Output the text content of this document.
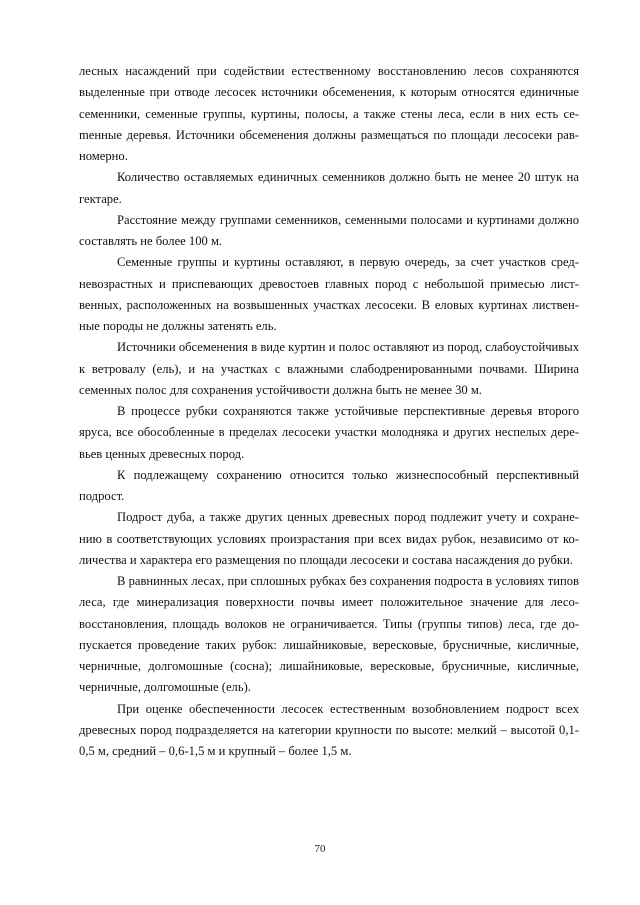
лесных насаждений при содействии естественному восстановлению лесов сохраняются выделенные при отводе лесосек источники обсеменения, к которым относятся единичные семенники, семенные группы, куртины, полосы, а также стены леса, если в них есть сеmенные деревья. Источники обсеменения должны размещаться по площади лесосеки равномерно.

Количество оставляемых единичных семенников должно быть не менее 20 штук на гектаре.

Расстояние между группами семенников, семенными полосами и куртинами должно составлять не более 100 м.

Семенные группы и куртины оставляют, в первую очередь, за счет участков средневозрастных и приспевающих древостоев главных пород с небольшой примесью лиственных, расположенных на возвышенных участках лесосеки. В еловых куртинах лиственные породы не должны затенять ель.

Источники обсеменения в виде куртин и полос оставляют из пород, слабоустойчивых к ветровалу (ель), и на участках с влажными слабодренированными почвами. Ширина семенных полос для сохранения устойчивости должна быть не менее 30 м.

В процессе рубки сохраняются также устойчивые перспективные деревья второго яруса, все обособленные в пределах лесосеки участки молодняка и других неспелых деревьев ценных древесных пород.

К подлежащему сохранению относится только жизнеспособный перспективный подрост.

Подрост дуба, а также других ценных древесных пород подлежит учету и сохранению в соответствующих условиях произрастания при всех видах рубок, независимо от количества и характера его размещения по площади лесосеки и состава насаждения до рубки.

В равнинных лесах, при сплошных рубках без сохранения подроста в условиях типов леса, где минерализация поверхности почвы имеет положительное значение для лесовосстановления, площадь волоков не ограничивается. Типы (группы типов) леса, где допускается проведение таких рубок: лишайниковые, вересковые, брусничные, кисличные, черничные, долгомошные (сосна); лишайниковые, вересковые, брусничные, кисличные, черничные, долгомошные (ель).

При оценке обеспеченности лесосек естественным возобновлением подрост всех древесных пород подразделяется на категории крупности по высоте: мелкий – высотой 0,1-0,5 м, средний – 0,6-1,5 м и крупный – более 1,5 м.

70
